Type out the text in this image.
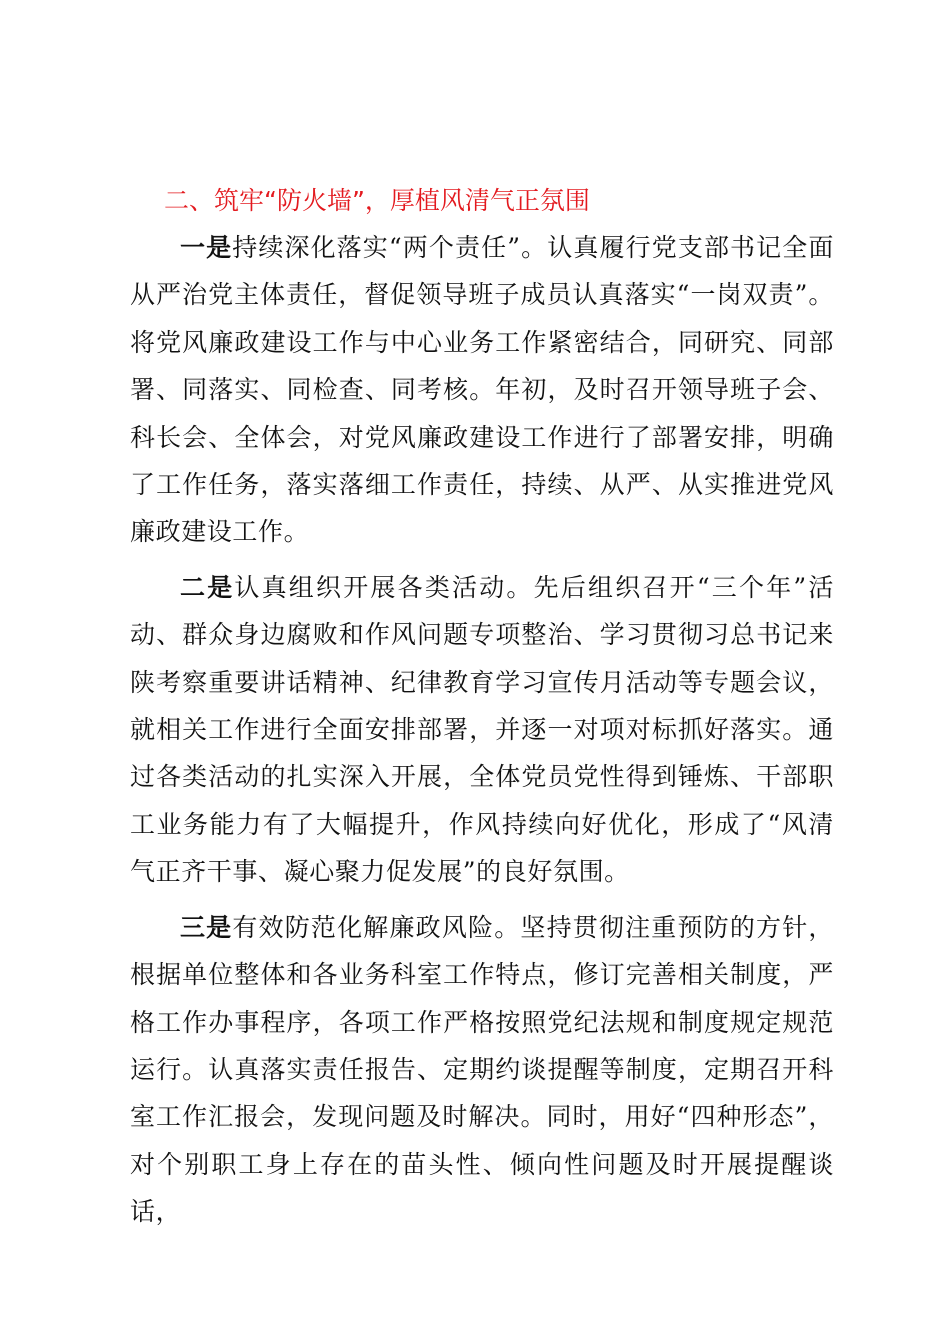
二、筑牢“防火墙”，厚植风清气正氛围

一是持续深化落实“两个责任”。认真履行党支部书记全面从严治党主体责任，督促领导班子成员认真落实“一岗双责”。将党风廉政建设工作与中心业务工作紧密结合，同研究、同部署、同落实、同检查、同考核。年初，及时召开领导班子会、科长会、全体会，对党风廉政建设工作进行了部署安排，明确了工作任务，落实落细工作责任，持续、从严、从实推进党风廉政建设工作。

二是认真组织开展各类活动。先后组织召开“三个年”活动、群众身边腐败和作风问题专项整治、学习贯彻习总书记来陕考察重要讲话精神、纪律教育学习宣传月活动等专题会议，就相关工作进行全面安排部署，并逐一对项对标抓好落实。通过各类活动的扎实深入开展，全体党员党性得到锤炼、干部职工业务能力有了大幅提升，作风持续向好优化，形成了“风清气正齐干事、凝心聚力促发展”的良好氛围。

三是有效防范化解廉政风险。坚持贯彻注重预防的方针，根据单位整体和各业务科室工作特点，修订完善相关制度，严格工作办事程序，各项工作严格按照党纪法规和制度规定规范运行。认真落实责任报告、定期约谈提醒等制度，定期召开科室工作汇报会，发现问题及时解决。同时，用好“四种形态”，对个别职工身上存在的苗头性、倾向性问题及时开展提醒谈话，
